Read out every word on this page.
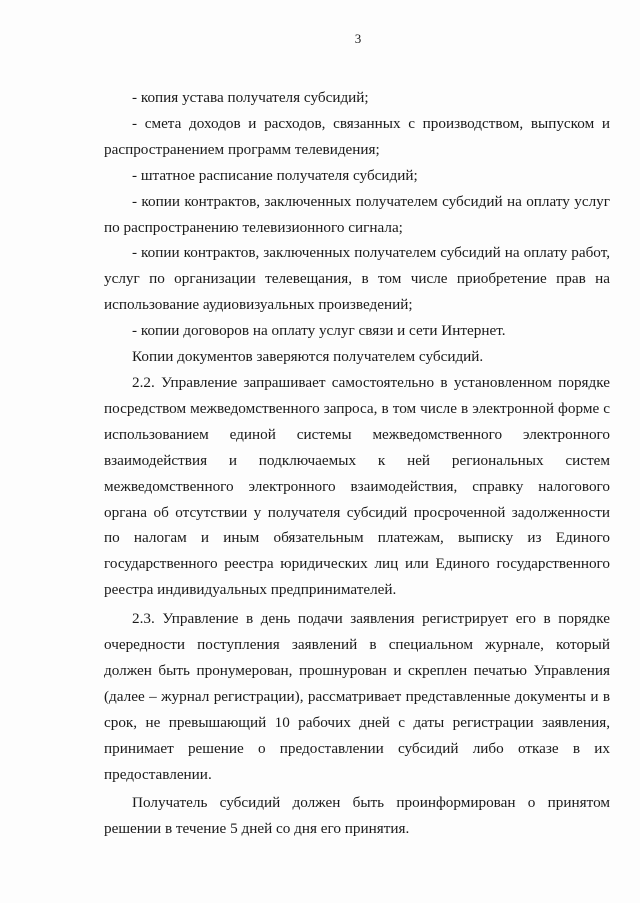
3

- копия устава получателя субсидий;

- смета доходов и расходов, связанных с производством, выпуском и распространением программ телевидения;

- штатное расписание получателя субсидий;

- копии контрактов, заключенных получателем субсидий на оплату услуг по распространению телевизионного сигнала;

- копии контрактов, заключенных получателем субсидий на оплату работ, услуг по организации телевещания, в том числе приобретение прав на использование аудиовизуальных произведений;

- копии договоров на оплату услуг связи и сети Интернет.

Копии документов заверяются получателем субсидий.

2.2. Управление запрашивает самостоятельно в установленном порядке посредством межведомственного запроса, в том числе в электронной форме с использованием единой системы межведомственного электронного взаимодействия и подключаемых к ней региональных систем межведомственного электронного взаимодействия, справку налогового органа об отсутствии у получателя субсидий просроченной задолженности по налогам и иным обязательным платежам, выписку из Единого государственного реестра юридических лиц или Единого государственного реестра индивидуальных предпринимателей.

2.3. Управление в день подачи заявления регистрирует его в порядке очередности поступления заявлений в специальном журнале, который должен быть пронумерован, прошнурован и скреплен печатью Управления (далее – журнал регистрации), рассматривает представленные документы и в срок, не превышающий 10 рабочих дней с даты регистрации заявления, принимает решение о предоставлении субсидий либо отказе в их предоставлении.

Получатель субсидий должен быть проинформирован о принятом решении в течение 5 дней со дня его принятия.
